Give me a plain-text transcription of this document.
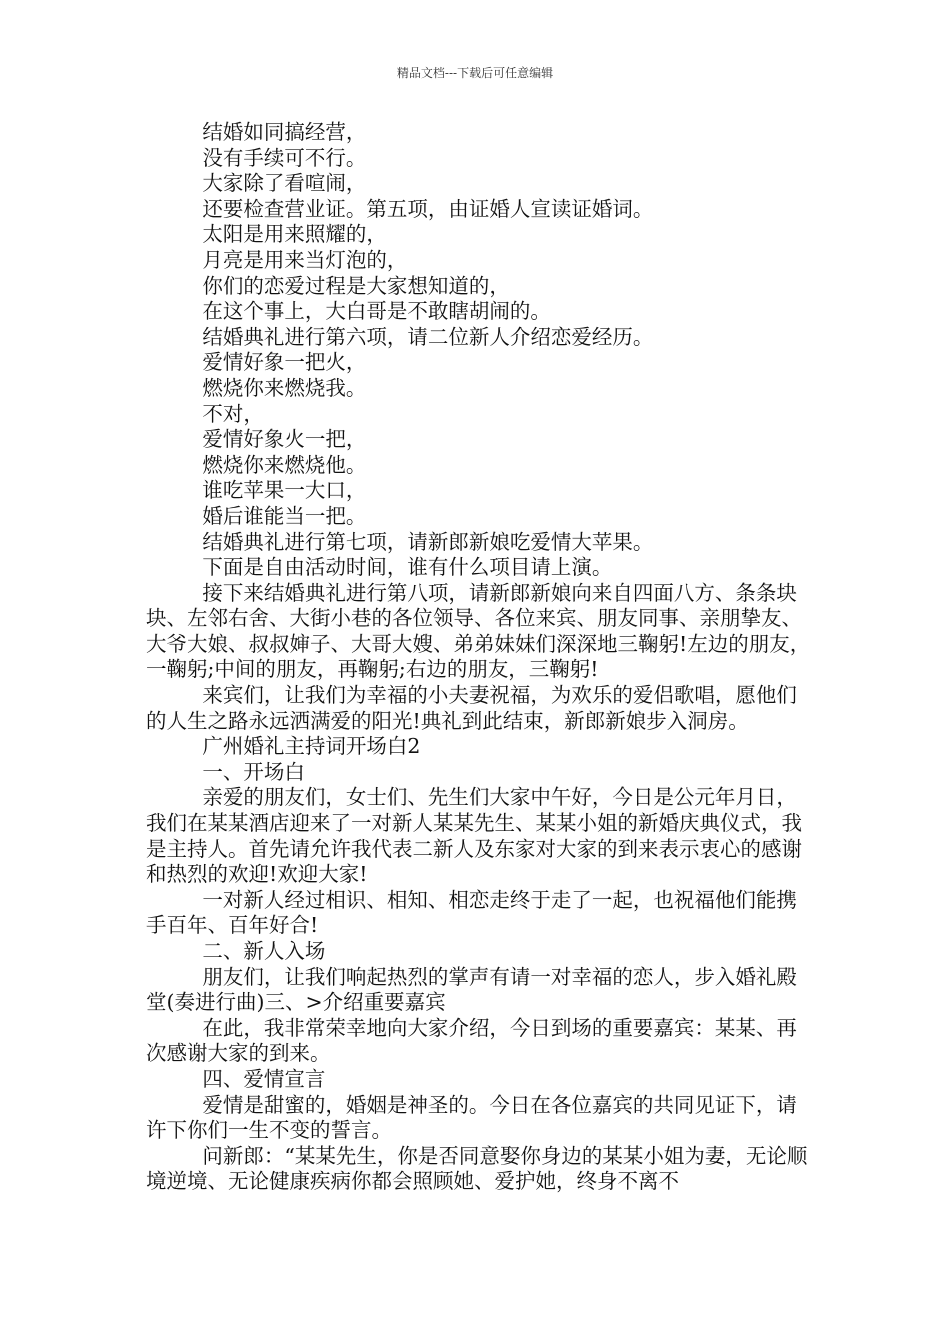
精品文档---下载后可任意编辑

结婚如同搞经营，

没有手续可不行。

大家除了看喧闹，

还要检查营业证。第五项，由证婚人宣读证婚词。

太阳是用来照耀的，

月亮是用来当灯泡的，

你们的恋爱过程是大家想知道的，

在这个事上，大白哥是不敢瞎胡闹的。

结婚典礼进行第六项，请二位新人介绍恋爱经历。

爱情好象一把火，

燃烧你来燃烧我。

不对，

爱情好象火一把，

燃烧你来燃烧他。

谁吃苹果一大口，

婚后谁能当一把。

结婚典礼进行第七项，请新郎新娘吃爱情大苹果。

下面是自由活动时间，谁有什么项目请上演。

接下来结婚典礼进行第八项，请新郎新娘向来自四面八方、条条块块、左邻右舍、大街小巷的各位领导、各位来宾、朋友同事、亲朋挚友、大爷大娘、叔叔婶子、大哥大嫂、弟弟妹妹们深深地三鞠躬!左边的朋友，一鞠躬;中间的朋友，再鞠躬;右边的朋友，三鞠躬!

来宾们，让我们为幸福的小夫妻祝福，为欢乐的爱侣歌唱，愿他们的人生之路永远洒满爱的阳光!典礼到此结束，新郎新娘步入洞房。

广州婚礼主持词开场白2

一、开场白

亲爱的朋友们，女士们、先生们大家中午好，今日是公元年月日，我们在某某酒店迎来了一对新人某某先生、某某小姐的新婚庆典仪式，我是主持人。首先请允许我代表二新人及东家对大家的到来表示衷心的感谢和热烈的欢迎!欢迎大家!

一对新人经过相识、相知、相恋走终于走了一起，也祝福他们能携手百年、百年好合!

二、新人入场

朋友们，让我们响起热烈的掌声有请一对幸福的恋人，步入婚礼殿堂(奏进行曲)三、>介绍重要嘉宾

在此，我非常荣幸地向大家介绍，今日到场的重要嘉宾：某某、再次感谢大家的到来。

四、爱情宣言

爱情是甜蜜的，婚姻是神圣的。今日在各位嘉宾的共同见证下，请许下你们一生不变的誓言。

问新郎：“某某先生，你是否同意娶你身边的某某小姐为妻，无论顺境逆境、无论健康疾病你都会照顾她、爱护她，终身不离不
